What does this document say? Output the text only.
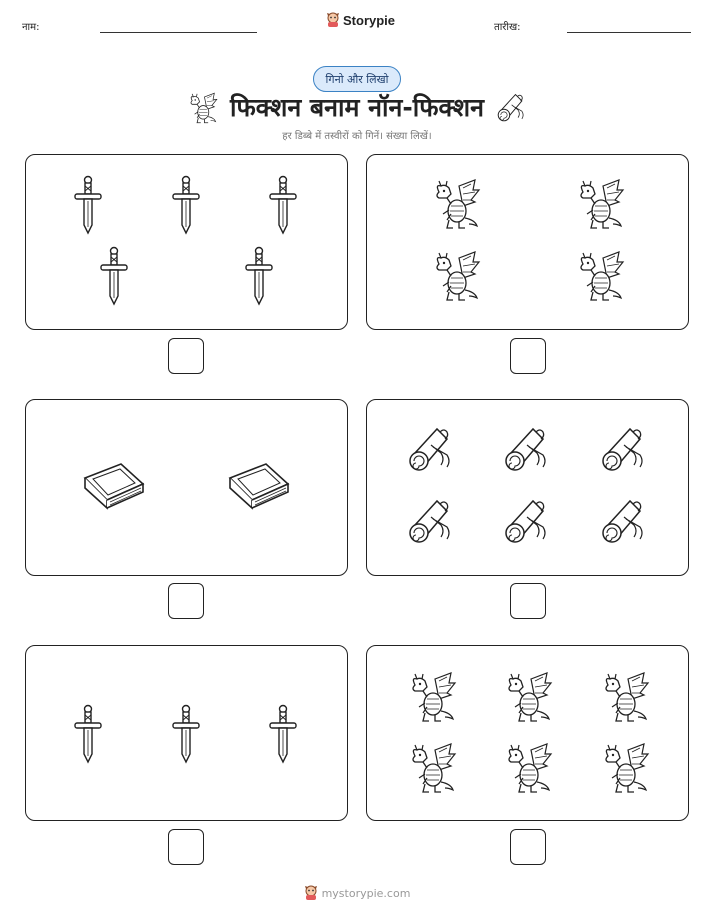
नाम:	Storypie	तारीख:
गिनो और लिखो
फिक्शन बनाम नॉन-फिक्शन
हर डिब्बे में तस्वीरों को गिनें। संख्या लिखें।
mystorypie.com
